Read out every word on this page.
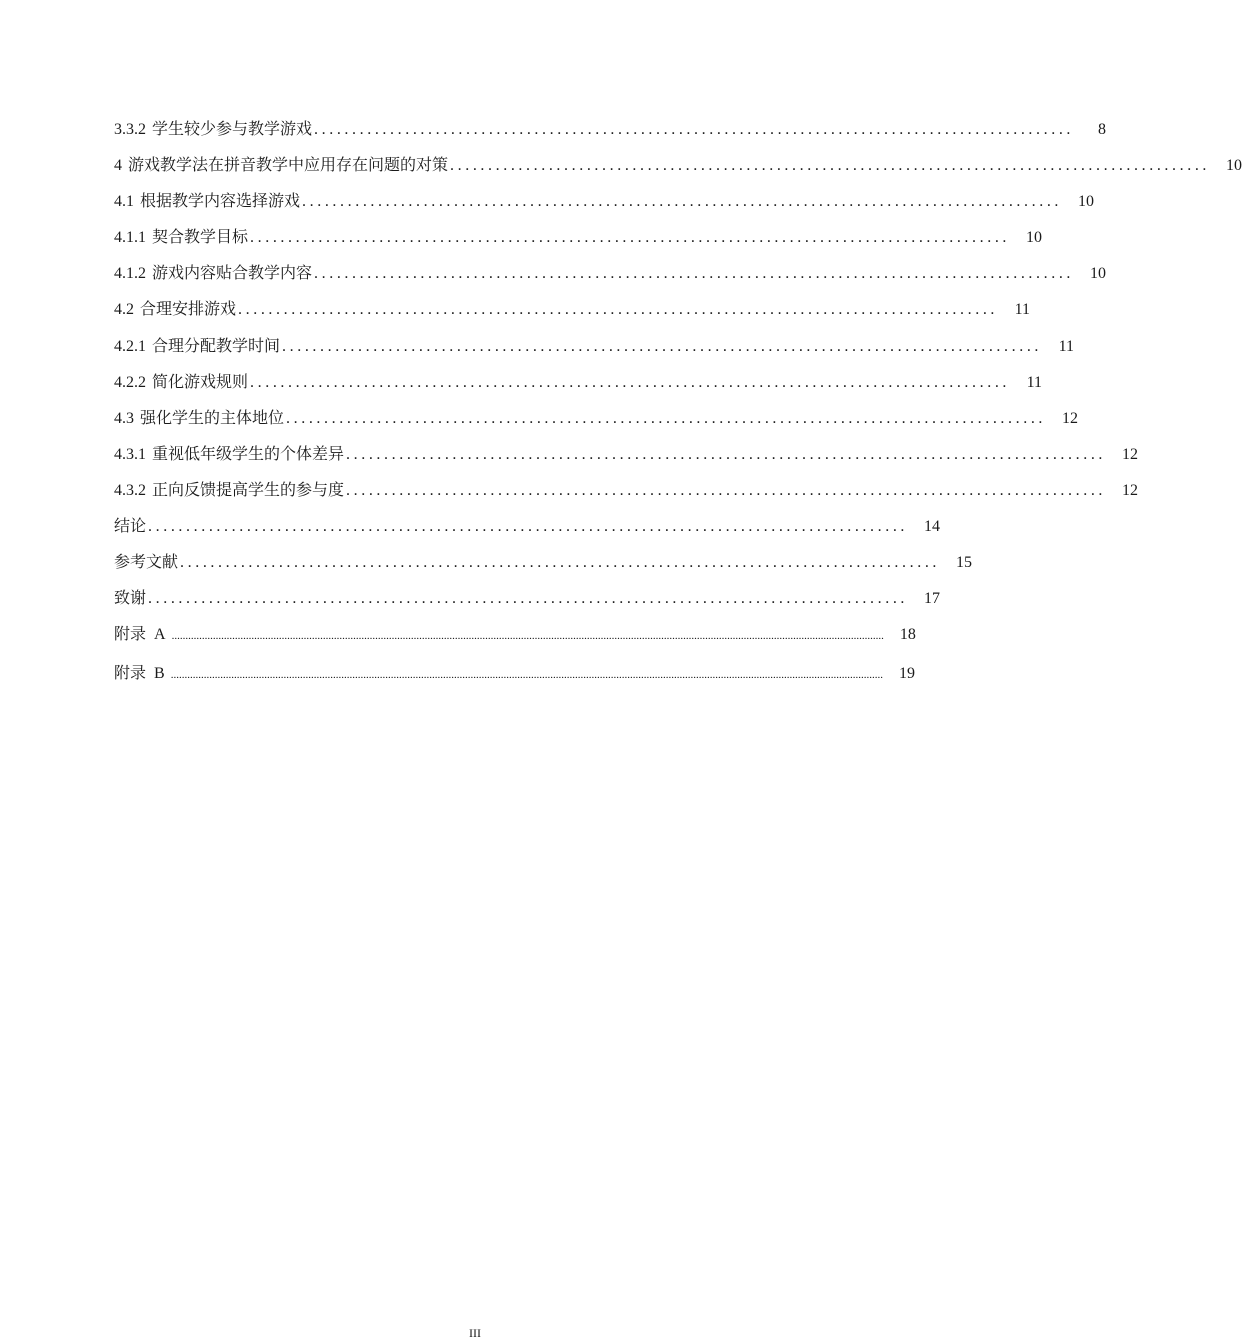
3.3.2 学生较少参与教学游戏 ....................................................................................................	8
4 游戏教学法在拼音教学中应用存在问题的对策 ....................................................................................................	10
4.1 根据教学内容选择游戏 ....................................................................................................	10
4.1.1 契合教学目标 ....................................................................................................	10
4.1.2 游戏内容贴合教学内容 ....................................................................................................	10
4.2 合理安排游戏 ....................................................................................................	11
4.2.1 合理分配教学时间 ....................................................................................................	11
4.2.2 简化游戏规则 ....................................................................................................	11
4.3 强化学生的主体地位 ....................................................................................................	12
4.3.1 重视低年级学生的个体差异 ....................................................................................................	12
4.3.2 正向反馈提高学生的参与度 ....................................................................................................	12
结论 ....................................................................................................	14
参考文献 ....................................................................................................	15
致谢 ....................................................................................................	17
附录  A ...................................................................................................................................................................................................................................................................	18
附录  B ...................................................................................................................................................................................................................................................................	19
III
